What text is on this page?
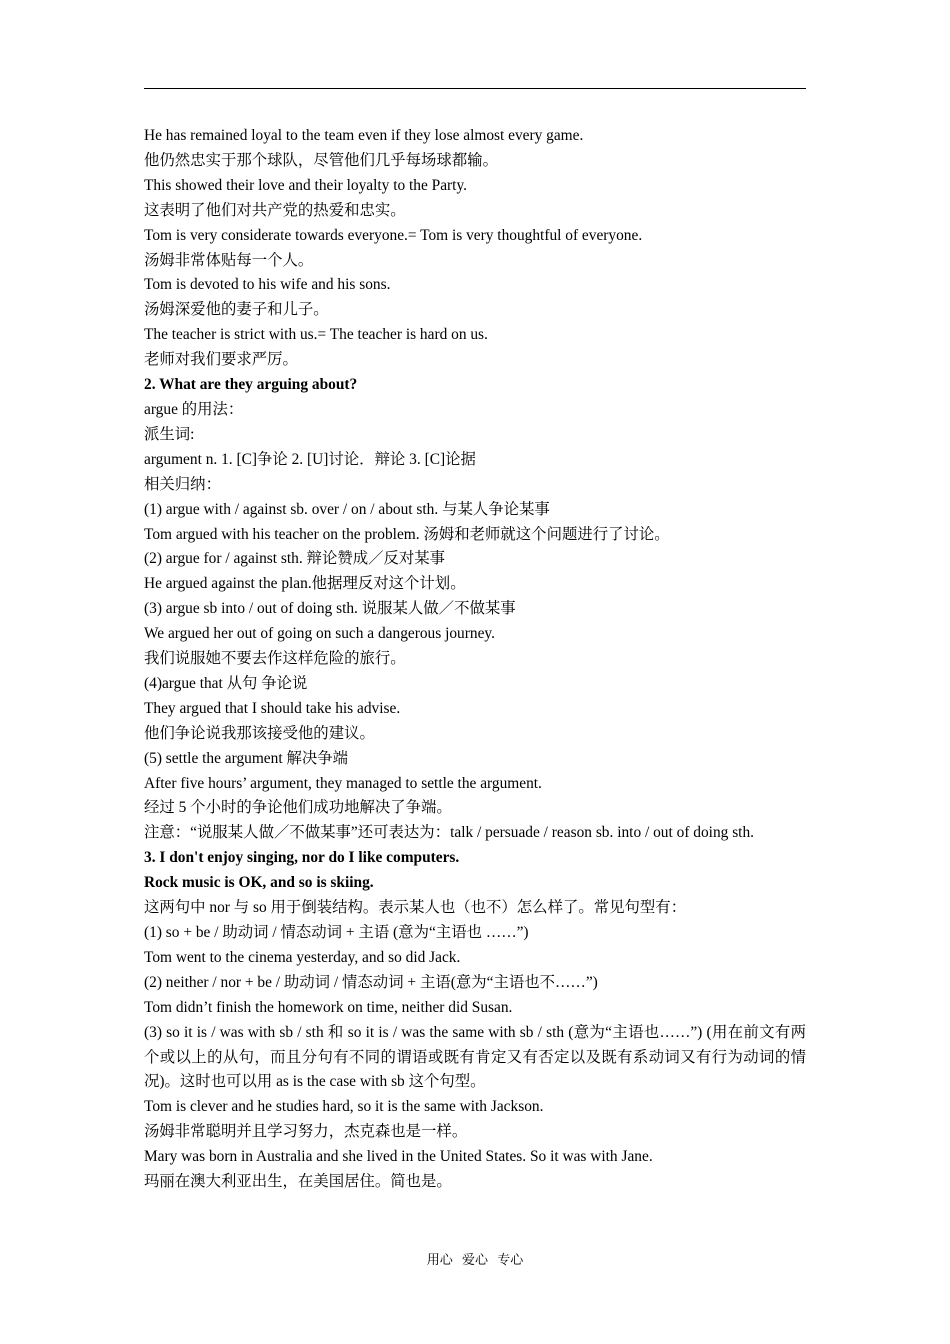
He has remained loyal to the team even if they lose almost every game.
他仍然忠实于那个球队，尽管他们几乎每场球都输。
This showed their love and their loyalty to the Party.
这表明了他们对共产党的热爱和忠实。
Tom is very considerate towards everyone.= Tom is very thoughtful of everyone.
汤姆非常体贴每一个人。
Tom is devoted to his wife and his sons.
汤姆深爱他的妻子和儿子。
The teacher is strict with us.= The teacher is hard on us.
老师对我们要求严厉。
2. What are they arguing about?
argue 的用法：
派生词:
argument n. 1. [C]争论 2. [U]讨论．辩论 3. [C]论据
相关归纳：
(1) argue with / against sb. over / on / about sth. 与某人争论某事
Tom argued with his teacher on the problem. 汤姆和老师就这个问题进行了讨论。
(2) argue for / against sth. 辩论赞成／反对某事
He argued against the plan.他据理反对这个计划。
(3) argue sb into / out of doing sth. 说服某人做／不做某事
We argued her out of going on such a dangerous journey.
我们说服她不要去作这样危险的旅行。
(4)argue that 从句 争论说
They argued that I should take his advise.
他们争论说我那该接受他的建议。
(5) settle the argument 解决争端
After five hours’ argument, they managed to settle the argument.
经过 5 个小时的争论他们成功地解决了争端。
注意：“说服某人做／不做某事”还可表达为：talk / persuade / reason sb. into / out of doing sth.
3. I don't enjoy singing, nor do I like computers.
Rock music is OK, and so is skiing.
这两句中 nor 与 so 用于倒装结构。表示某人也（也不）怎么样了。常见句型有：
(1) so + be / 助动词 / 情态动词 + 主语 (意为“主语也 ……”)
Tom went to the cinema yesterday, and so did Jack.
(2) neither / nor + be / 助动词 / 情态动词 + 主语(意为“主语也不……”)
Tom didn’t finish the homework on time, neither did Susan.
(3) so it is / was with sb / sth 和 so it is / was the same with sb / sth (意为“主语也……”) (用在前文有两个或以上的从句，而且分句有不同的谓语或既有肯定又有否定以及既有系动词又有行为动词的情况)。这时也可以用 as is the case with sb 这个句型。
Tom is clever and he studies hard, so it is the same with Jackson.
汤姆非常聪明并且学习努力，杰克森也是一样。
Mary was born in Australia and she lived in the United States. So it was with Jane.
玛丽在澳大利亚出生，在美国居住。简也是。
用心 爱心 专心
